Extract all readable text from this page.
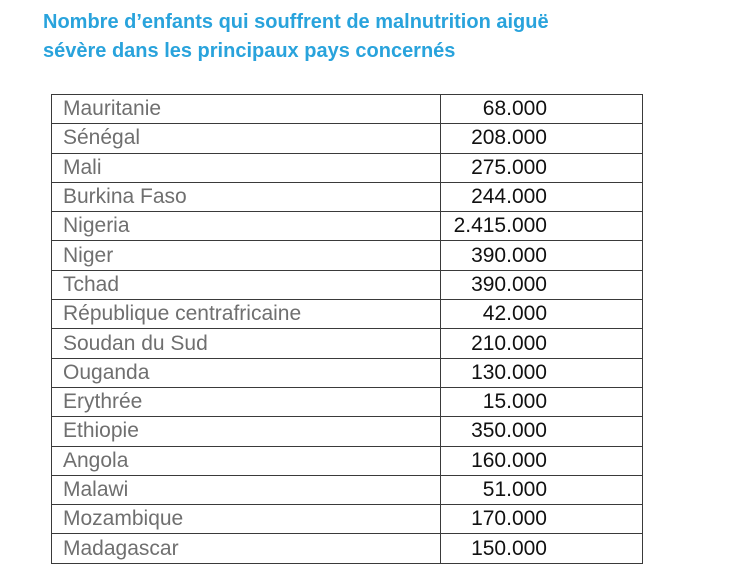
Nombre d’enfants qui souffrent de malnutrition aiguë
sévère dans les principaux pays concernés
Mauritanie	68.000
Sénégal	208.000
Mali	275.000
Burkina Faso	244.000
Nigeria	2.415.000
Niger	390.000
Tchad	390.000
République centrafricaine	42.000
Soudan du Sud	210.000
Ouganda	130.000
Erythrée	15.000
Ethiopie	350.000
Angola	160.000
Malawi	51.000
Mozambique	170.000
Madagascar	150.000
